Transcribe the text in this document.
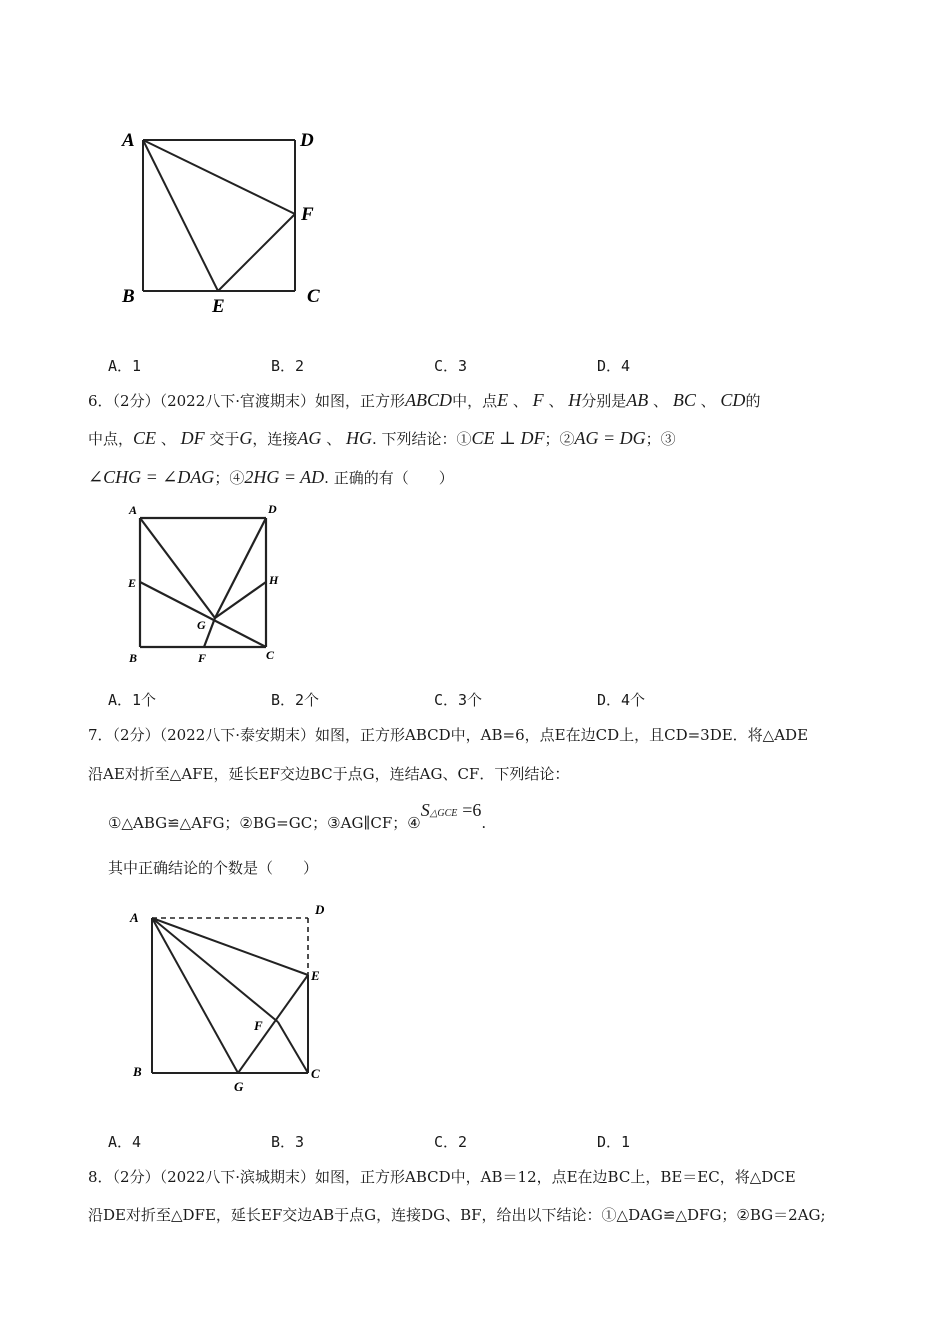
A	D
F
B	C
E
A．1	B．2	C．3	D．4
6．（2分）（2022八下·官渡期末）如图，正方形ABCD中，点E 、 F 、 H分别是AB 、 BC 、 CD的
中点，CE 、 DF 交于G，连接AG 、 HG. 下列结论：①CE ⊥ DF；②AG = DG；③
∠CHG = ∠DAG；④2HG = AD. 正确的有（　　）
A	D
E	H
G
B	F	C
A．1个	B．2个	C．3个	D．4个
7．（2分）（2022八下·泰安期末）如图，正方形ABCD中，AB=6，点E在边CD上，且CD=3DE．将△ADE
沿AE对折至△AFE，延长EF交边BC于点G，连结AG、CF．下列结论：
①△ABG≌△AFG；②BG=GC；③AG∥CF；④S△GCE =6.
其中正确结论的个数是（　　）
A
D
E
F
B
G
C
A．4	B．3	C．2	D．1
8．（2分）（2022八下·滨城期末）如图，正方形ABCD中，AB＝12，点E在边BC上，BE＝EC，将△DCE
沿DE对折至△DFE，延长EF交边AB于点G，连接DG、BF，给出以下结论：①△DAG≌△DFG；②BG＝2AG;
